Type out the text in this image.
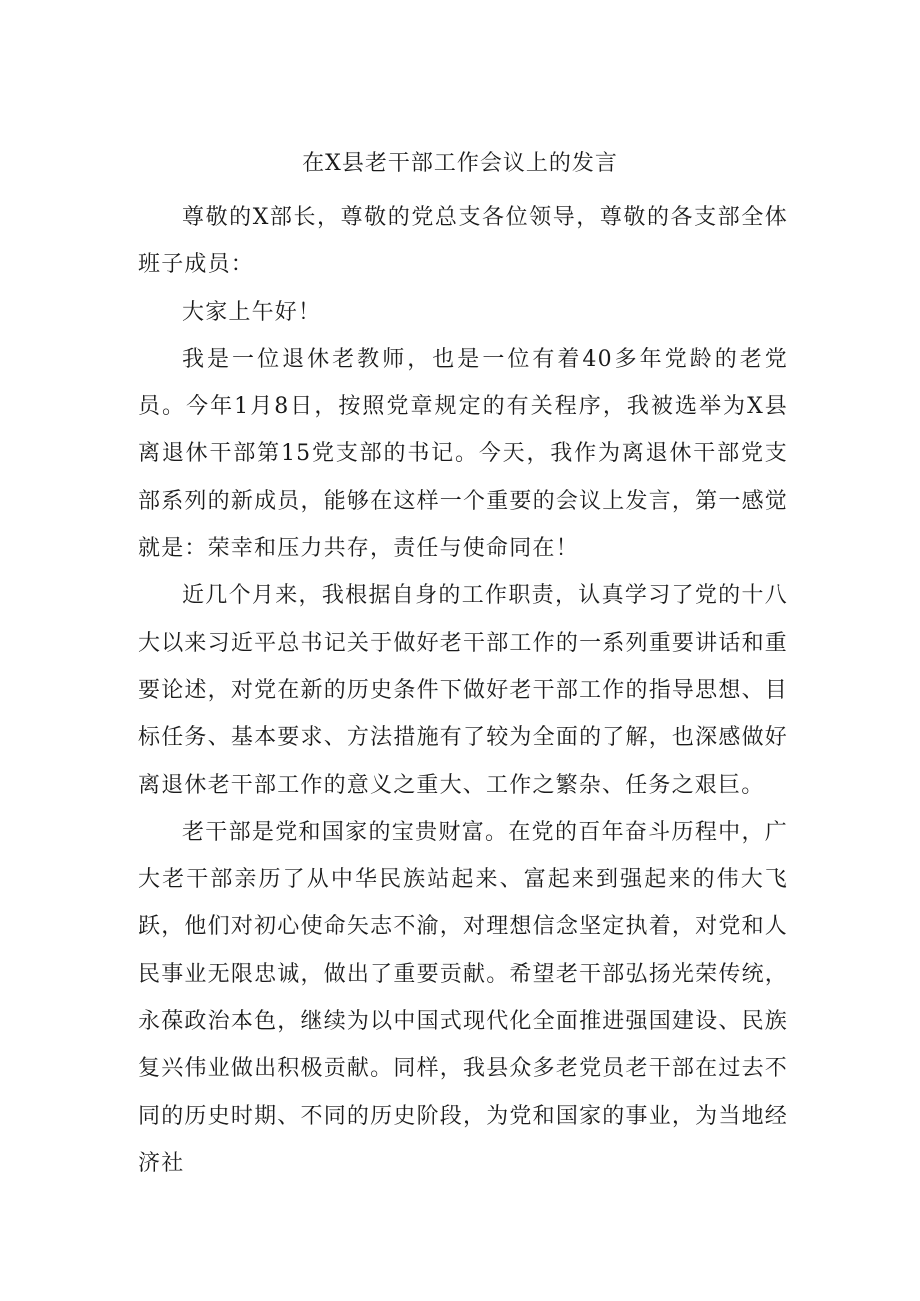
在X县老干部工作会议上的发言

尊敬的X部长，尊敬的党总支各位领导，尊敬的各支部全体班子成员：

大家上午好！

我是一位退休老教师，也是一位有着40多年党龄的老党员。今年1月8日，按照党章规定的有关程序，我被选举为X县离退休干部第15党支部的书记。今天，我作为离退休干部党支部系列的新成员，能够在这样一个重要的会议上发言，第一感觉就是：荣幸和压力共存，责任与使命同在！

近几个月来，我根据自身的工作职责，认真学习了党的十八大以来习近平总书记关于做好老干部工作的一系列重要讲话和重要论述，对党在新的历史条件下做好老干部工作的指导思想、目标任务、基本要求、方法措施有了较为全面的了解，也深感做好离退休老干部工作的意义之重大、工作之繁杂、任务之艰巨。

老干部是党和国家的宝贵财富。在党的百年奋斗历程中，广大老干部亲历了从中华民族站起来、富起来到强起来的伟大飞跃，他们对初心使命矢志不渝，对理想信念坚定执着，对党和人民事业无限忠诚，做出了重要贡献。希望老干部弘扬光荣传统，永葆政治本色，继续为以中国式现代化全面推进强国建设、民族复兴伟业做出积极贡献。同样，我县众多老党员老干部在过去不同的历史时期、不同的历史阶段，为党和国家的事业，为当地经济社
